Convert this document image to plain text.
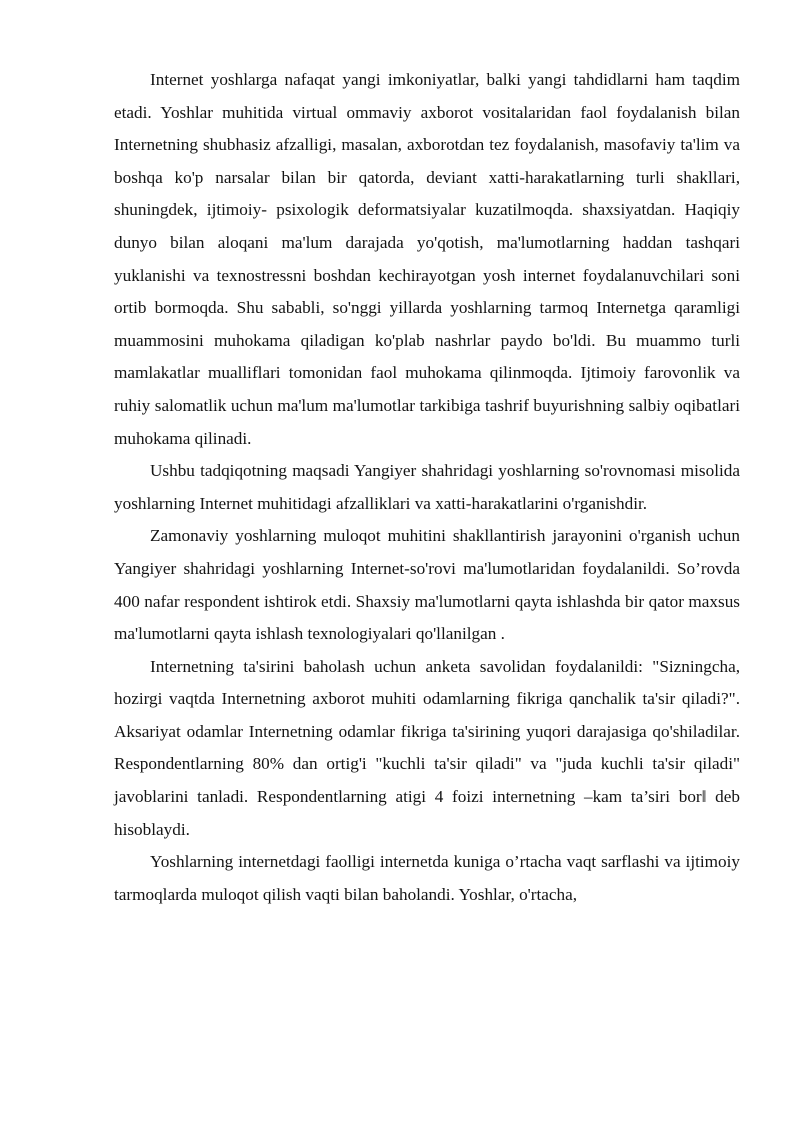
Internet yoshlarga nafaqat yangi imkoniyatlar, balki yangi tahdidlarni ham taqdim etadi. Yoshlar muhitida virtual ommaviy axborot vositalaridan faol foydalanish bilan Internetning shubhasiz afzalligi, masalan, axborotdan tez foydalanish, masofaviy ta'lim va boshqa ko'p narsalar bilan bir qatorda, deviant xatti-harakatlarning turli shakllari, shuningdek, ijtimoiy- psixologik deformatsiyalar kuzatilmoqda. shaxsiyatdan. Haqiqiy dunyo bilan aloqani ma'lum darajada yo'qotish, ma'lumotlarning haddan tashqari yuklanishi va texnostressni boshdan kechirayotgan yosh internet foydalanuvchilari soni ortib bormoqda. Shu sababli, so'nggi yillarda yoshlarning tarmoq Internetga qaramligi muammosini muhokama qiladigan ko'plab nashrlar paydo bo'ldi. Bu muammo turli mamlakatlar mualliflari tomonidan faol muhokama qilinmoqda. Ijtimoiy farovonlik va ruhiy salomatlik uchun ma'lum ma'lumotlar tarkibiga tashrif buyurishning salbiy oqibatlari muhokama qilinadi.

Ushbu tadqiqotning maqsadi Yangiyer shahridagi yoshlarning so'rovnomasi misolida yoshlarning Internet muhitidagi afzalliklari va xatti-harakatlarini o'rganishdir.

Zamonaviy yoshlarning muloqot muhitini shakllantirish jarayonini o'rganish uchun Yangiyer shahridagi yoshlarning Internet-so'rovi ma'lumotlaridan foydalanildi. So’rovda 400 nafar respondent ishtirok etdi. Shaxsiy ma'lumotlarni qayta ishlashda bir qator maxsus ma'lumotlarni qayta ishlash texnologiyalari qo'llanilgan .

Internetning ta'sirini baholash uchun anketa savolidan foydalanildi: "Sizningcha, hozirgi vaqtda Internetning axborot muhiti odamlarning fikriga qanchalik ta'sir qiladi?". Aksariyat odamlar Internetning odamlar fikriga ta'sirining yuqori darajasiga qo'shiladilar. Respondentlarning 80% dan ortig'i "kuchli ta'sir qiladi" va "juda kuchli ta'sir qiladi" javoblarini tanladi. Respondentlarning atigi 4 foizi internetning –kam ta’siri bor‖ deb hisoblaydi.

Yoshlarning internetdagi faolligi internetda kuniga o’rtacha vaqt sarflashi va ijtimoiy tarmoqlarda muloqot qilish vaqti bilan baholandi. Yoshlar, o'rtacha,
